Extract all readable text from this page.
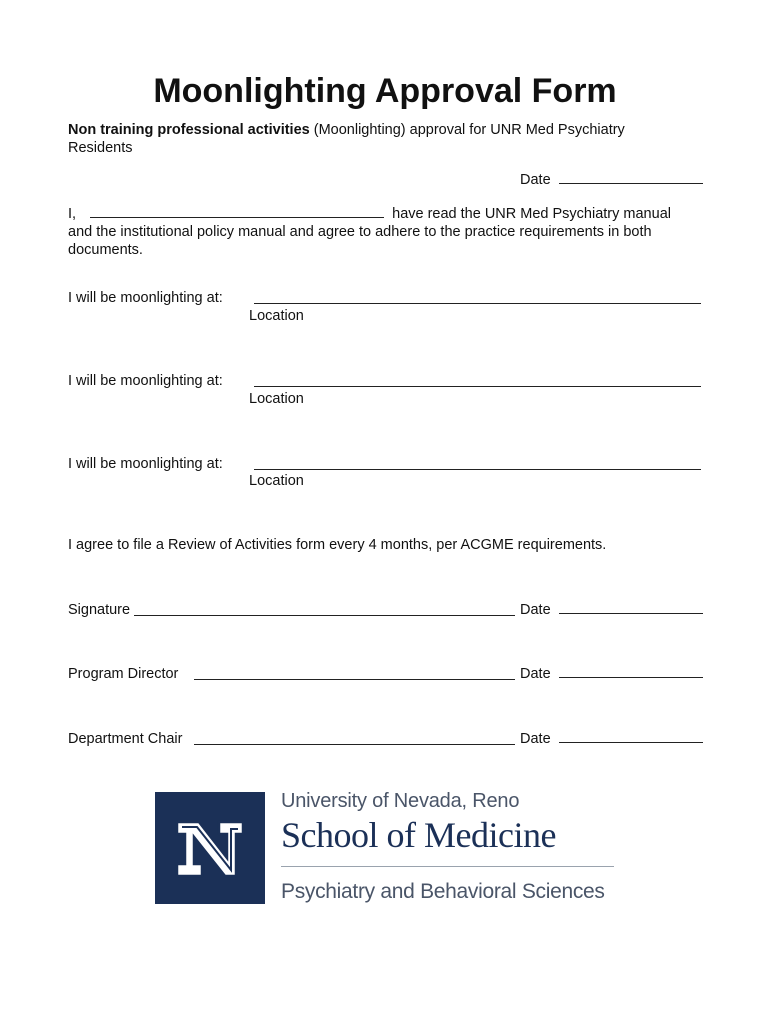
Moonlighting Approval Form
Non training professional activities (Moonlighting) approval for UNR Med Psychiatry
Residents
Date
I,	have read the UNR Med Psychiatry manual
and the institutional policy manual and agree to adhere to the practice requirements in both
documents.
I will be moonlighting at:
Location
I will be moonlighting at:
Location
I will be moonlighting at:
Location
I agree to file a Review of Activities form every 4 months, per ACGME requirements.
Signature	Date
Program Director	Date
Department Chair	Date
University of Nevada, Reno
School of Medicine
Psychiatry and Behavioral Sciences
